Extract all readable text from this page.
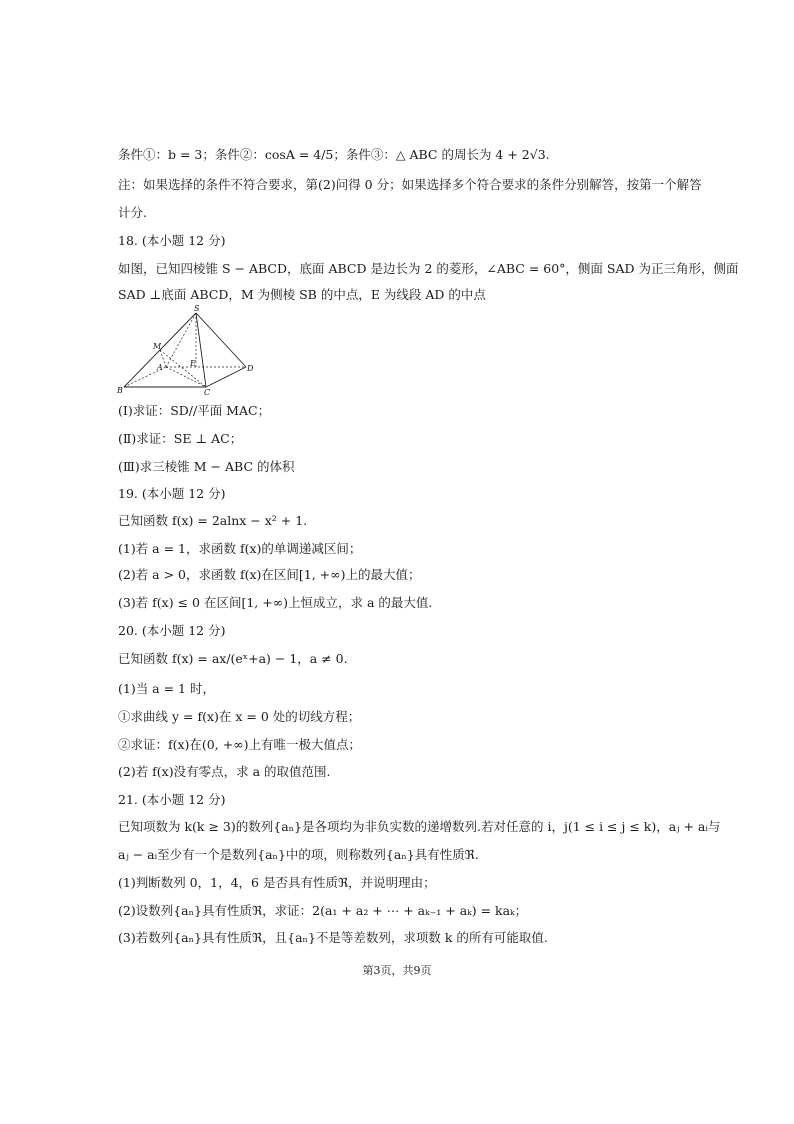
条件①：b = 3；条件②：cosA = 4/5；条件③：△ ABC 的周长为 4 + 2√3.
注：如果选择的条件不符合要求，第(2)问得 0 分；如果选择多个符合要求的条件分别解答，按第一个解答
计分.
18. (本小题 12 分)
如图，已知四棱锥 S − ABCD，底面 ABCD 是边长为 2 的菱形，∠ABC = 60°，侧面 SAD 为正三角形，侧面
SAD ⊥底面 ABCD，M 为侧棱 SB 的中点，E 为线段 AD 的中点
S
M
A	E
D
B	C
(Ⅰ)求证：SD//平面 MAC；
(Ⅱ)求证：SE ⊥ AC；
(Ⅲ)求三棱锥 M − ABC 的体积
19. (本小题 12 分)
已知函数 f(x) = 2alnx − x² + 1.
(1)若 a = 1，求函数 f(x)的单调递减区间；
(2)若 a > 0，求函数 f(x)在区间[1, +∞)上的最大值；
(3)若 f(x) ≤ 0 在区间[1, +∞)上恒成立，求 a 的最大值.
20. (本小题 12 分)
已知函数 f(x) = ax/(eˣ+a) − 1，a ≠ 0.
(1)当 a = 1 时，
①求曲线 y = f(x)在 x = 0 处的切线方程；
②求证：f(x)在(0, +∞)上有唯一极大值点；
(2)若 f(x)没有零点，求 a 的取值范围.
21. (本小题 12 分)
已知项数为 k(k ≥ 3)的数列{aₙ}是各项均为非负实数的递增数列.若对任意的 i，j(1 ≤ i ≤ j ≤ k)，aⱼ + aᵢ与
aⱼ − aᵢ至少有一个是数列{aₙ}中的项，则称数列{aₙ}具有性质ℜ.
(1)判断数列 0，1，4，6 是否具有性质ℜ，并说明理由；
(2)设数列{aₙ}具有性质ℜ，求证：2(a₁ + a₂ + ⋯ + aₖ₋₁ + aₖ) = kaₖ；
(3)若数列{aₙ}具有性质ℜ，且{aₙ}不是等差数列，求项数 k 的所有可能取值.
第3页，共9页
